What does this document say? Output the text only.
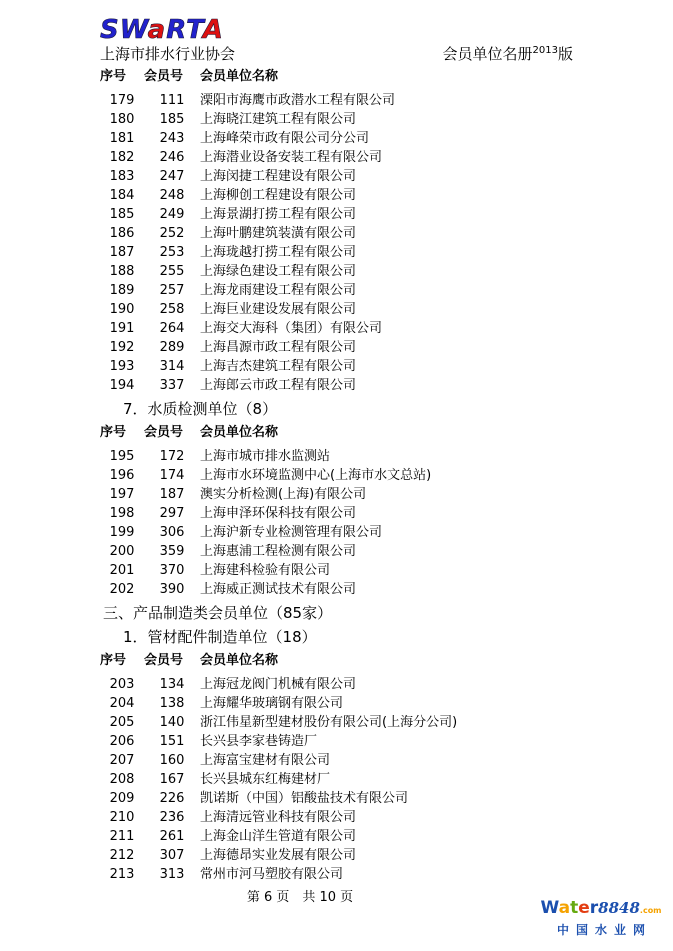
SWaRTA
上海市排水行业协会	会员单位名册$^{2013}$版
序号	会员号	会员单位名称
179	111	溧阳市海鹰市政潜水工程有限公司
180	185	上海晓江建筑工程有限公司
181	243	上海峰荣市政有限公司分公司
182	246	上海潜业设备安装工程有限公司
183	247	上海闵捷工程建设有限公司
184	248	上海柳创工程建设有限公司
185	249	上海景湖打捞工程有限公司
186	252	上海叶鹏建筑装潢有限公司
187	253	上海珑越打捞工程有限公司
188	255	上海绿色建设工程有限公司
189	257	上海龙雨建设工程有限公司
190	258	上海巨业建设发展有限公司
191	264	上海交大海科（集团）有限公司
192	289	上海昌源市政工程有限公司
193	314	上海吉杰建筑工程有限公司
194	337	上海郎云市政工程有限公司
7．水质检测单位（8）
序号	会员号	会员单位名称
195	172	上海市城市排水监测站
196	174	上海市水环境监测中心(上海市水文总站)
197	187	澳实分析检测(上海)有限公司
198	297	上海申泽环保科技有限公司
199	306	上海沪新专业检测管理有限公司
200	359	上海惠浦工程检测有限公司
201	370	上海建科检验有限公司
202	390	上海威正测试技术有限公司
三、产品制造类会员单位（85家）
1．管材配件制造单位（18）
序号	会员号	会员单位名称
203	134	上海冠龙阀门机械有限公司
204	138	上海耀华玻璃钢有限公司
205	140	浙江伟星新型建材股份有限公司(上海分公司)
206	151	长兴县李家巷铸造厂
207	160	上海富宝建材有限公司
208	167	长兴县城东红梅建材厂
209	226	凯诺斯（中国）铝酸盐技术有限公司
210	236	上海清远管业科技有限公司
211	261	上海金山洋生管道有限公司
212	307	上海德昂实业发展有限公司
213	313	常州市河马塑胶有限公司
第 6 页　共 10 页
Water8848.com
中国水业网
